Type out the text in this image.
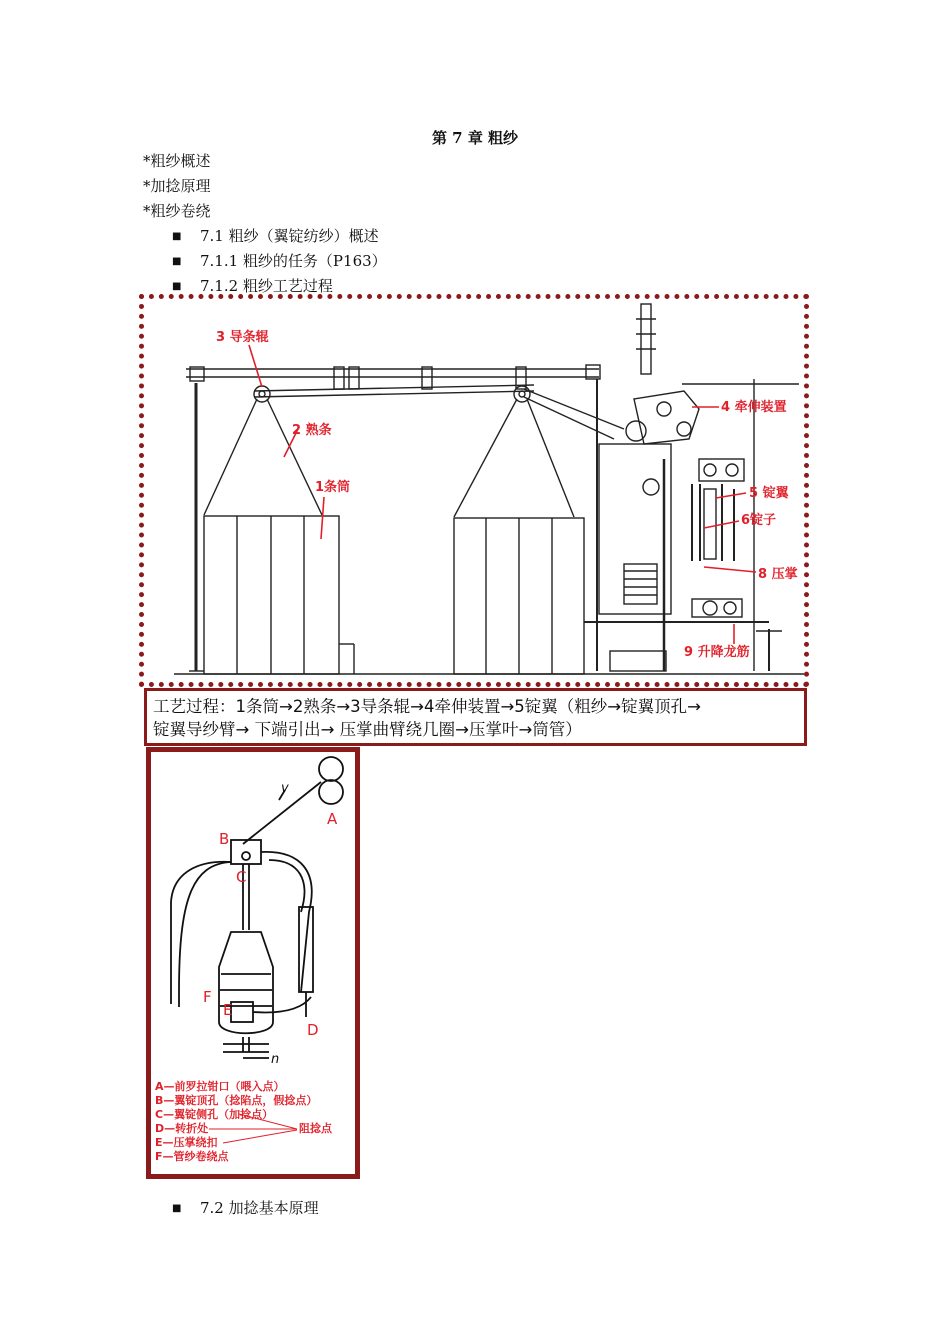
第 7 章 粗纱
*粗纱概述
*加捻原理
*粗纱卷绕
■ 7.1 粗纱（翼锭纺纱）概述
■ 7.1.1 粗纱的任务（P163）
■ 7.1.2 粗纱工艺过程
3 导条辊
2 熟条
1条筒
4 牵伸装置
5 锭翼
6锭子
8 压掌
9 升降龙筋
工艺过程：1条筒→2熟条→3导条辊→4牵伸装置→5锭翼（粗纱→锭翼顶孔→
锭翼导纱臂→ 下端引出→ 压掌曲臂绕几圈→压掌叶→筒管）
A
B
C
D
E
F
v
n
A—前罗拉钳口（喂入点）
B—翼锭顶孔（捻陷点，假捻点）
C—翼锭侧孔（加捻点）
D—转折处
E—压掌绕扣
F—管纱卷绕点
阻捻点
■ 7.2 加捻基本原理
